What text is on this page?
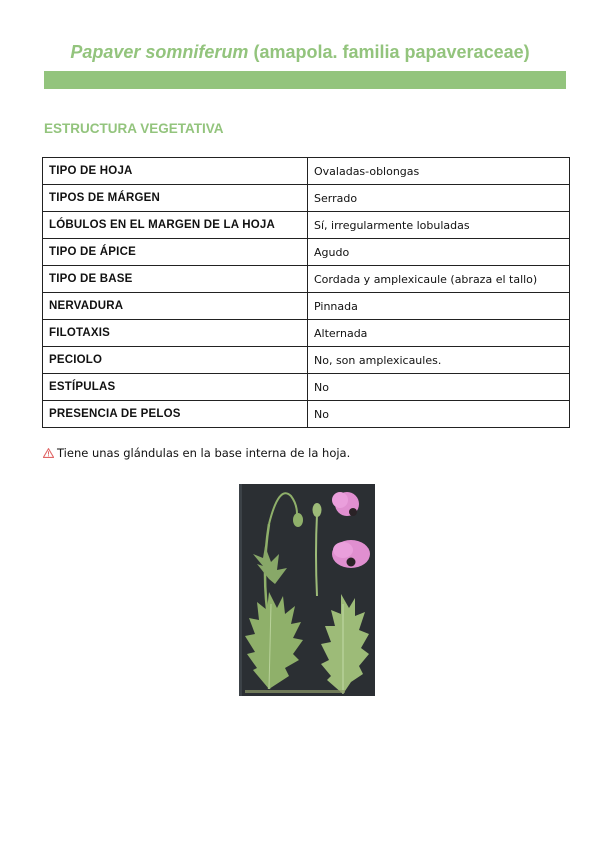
Papaver somniferum (amapola. familia papaveraceae)
ESTRUCTURA VEGETATIVA
TIPO DE HOJA	Ovaladas-oblongas
TIPOS DE MÁRGEN	Serrado
LÓBULOS EN EL MARGEN DE LA HOJA	Sí, irregularmente lobuladas
TIPO DE ÁPICE	Agudo
TIPO DE BASE	Cordada y amplexicaule (abraza el tallo)
NERVADURA	Pinnada
FILOTAXIS	Alternada
PECIOLO	No, son amplexicaules.
ESTÍPULAS	No
PRESENCIA DE PELOS	No
Tiene unas glándulas en la base interna de la hoja.
